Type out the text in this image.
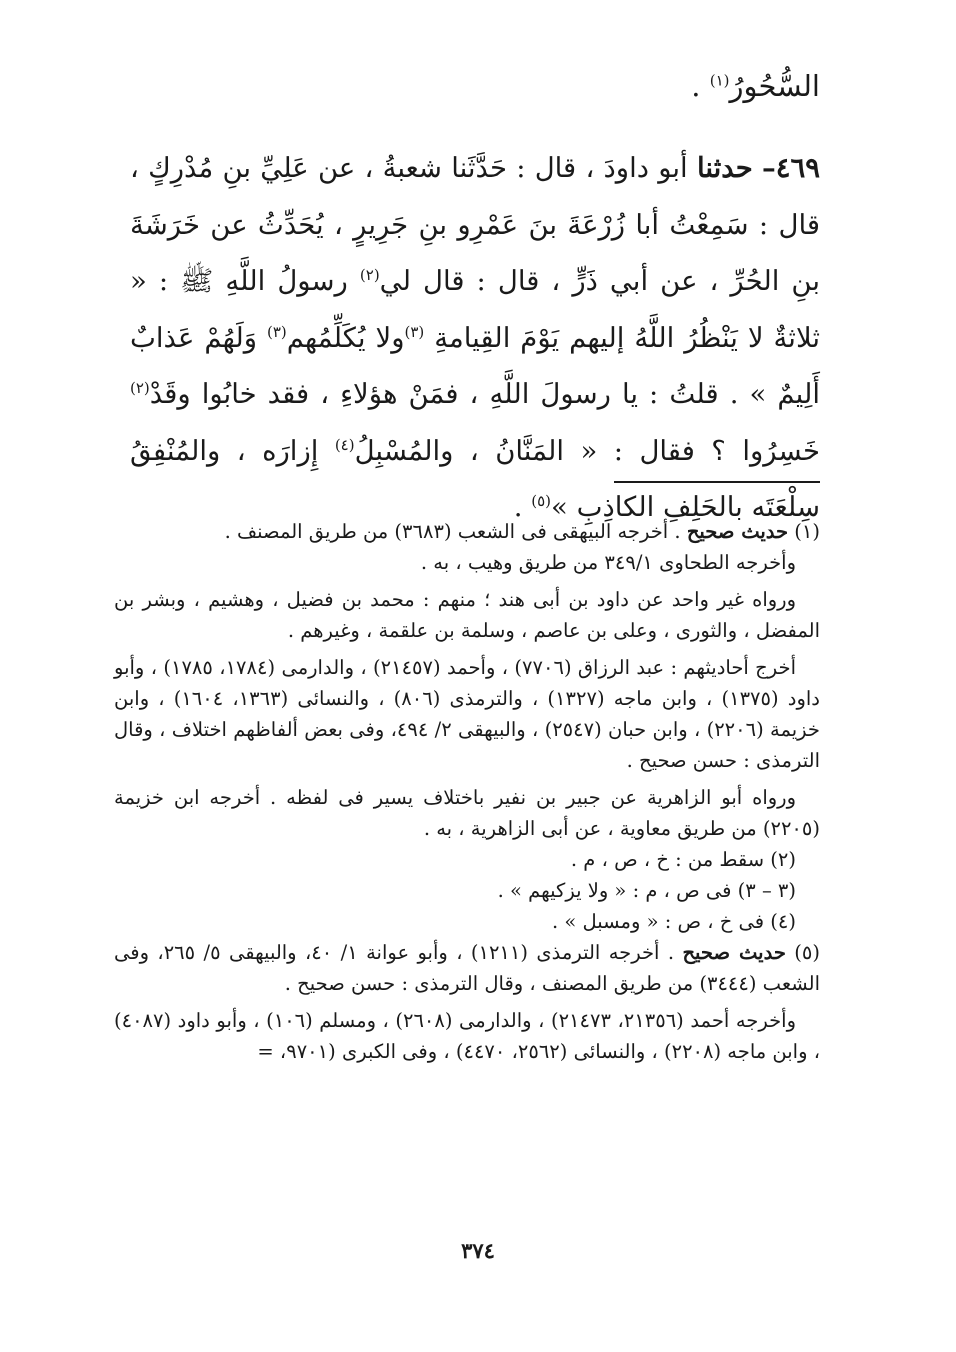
السُّحُورُ$^{(١)}$ .
٤٦٩– حدثنا أبو داودَ ، قال : حَدَّثَنا شعبةُ ، عن عَلِيِّ بنِ مُدْرِكٍ ، قال : سَمِعْتُ أبا زُرْعَةَ بنَ عَمْرِو بنِ جَرِيرٍ ، يُحَدِّثُ عن خَرَشَةَ بنِ الحُرِّ ، عن أبي ذَرٍّ ، قال : قال لي$^{(٢)}$ رسولُ اللَّهِ ﷺ : « ثلاثةٌ لا يَنْظُرُ اللَّهُ إليهم يَوْمَ القِيامةِ $^{(٣)}$ولا يُكَلِّمُهم$^{(٣)}$ وَلَهُمْ عَذابٌ أَلِيمٌ » . قلتُ : يا رسولَ اللَّهِ ، فمَنْ هؤلاءِ ، فقد خابُوا وقَدْ$^{(٢)}$ خَسِرُوا ؟ فقال : « المَنَّانُ ، والمُسْبِلُ$^{(٤)}$ إِزارَه ، والمُنْفِقُ سِلْعَتَه بالحَلِفِ الكاذِبِ »$^{(٥)}$ .

(١) حديث صحيح . أخرجه البيهقى فى الشعب (٣٦٨٣) من طريق المصنف .

وأخرجه الطحاوى ٣٤٩/١ من طريق وهيب ، به .

ورواه غير واحد عن داود بن أبى هند ؛ منهم : محمد بن فضيل ، وهشيم ، وبشر بن المفضل ، والثورى ، وعلى بن عاصم ، وسلمة بن علقمة ، وغيرهم .

أخرج أحاديثهم : عبد الرزاق (٧٧٠٦) ، وأحمد (٢١٤٥٧) ، والدارمى (١٧٨٤، ١٧٨٥) ، وأبو داود (١٣٧٥) ، وابن ماجه (١٣٢٧) ، والترمذى (٨٠٦) ، والنسائى (١٣٦٣، ١٦٠٤) ، وابن خزيمة (٢٢٠٦) ، وابن حبان (٢٥٤٧) ، والبيهقى ٢/ ٤٩٤، وفى بعض ألفاظهم اختلاف ، وقال الترمذى : حسن صحيح .

ورواه أبو الزاهرية عن جبير بن نفير باختلاف يسير فى لفظه . أخرجه ابن خزيمة (٢٢٠٥) من طريق معاوية ، عن أبى الزاهرية ، به .

(٢) سقط من : خ ، ص ، م .

(٣ – ٣) فى ص ، م : « ولا يزكيهم » .

(٤) فى خ ، ص : « ومسبل » .

(٥) حديث صحيح . أخرجه الترمذى (١٢١١) ، وأبو عوانة ١/ ٤٠، والبيهقى ٥/ ٢٦٥، وفى الشعب (٣٤٤٤) من طريق المصنف ، وقال الترمذى : حسن صحيح .

وأخرجه أحمد (٢١٣٥٦، ٢١٤٧٣) ، والدارمى (٢٦٠٨) ، ومسلم (١٠٦) ، وأبو داود (٤٠٨٧) ، وابن ماجه (٢٢٠٨) ، والنسائى (٢٥٦٢، ٤٤٧٠) ، وفى الكبرى (٩٧٠١، =

٣٧٤
